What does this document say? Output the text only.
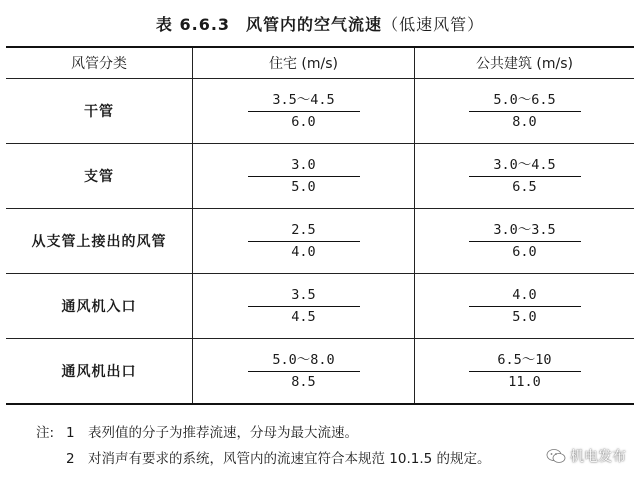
表 6.6.3 风管内的空气流速（低速风管）
风管分类	住宅 (m/s)	公共建筑 (m/s)
干管	$\frac{3.5\sim 4.5}{6.0}$	$\frac{5.0\sim 6.5}{8.0}$

支管	$\frac{3.0}{5.0}$	$\frac{3.0\sim 4.5}{6.5}$

从支管上接出的风管	$\frac{2.5}{4.0}$	$\frac{3.0\sim 3.5}{6.0}$

通风机入口	$\frac{3.5}{4.5}$	$\frac{4.0}{5.0}$

通风机出口	$\frac{5.0\sim 8.0}{8.5}$	$\frac{6.5\sim 10}{11.0}$
注: 1 表列值的分子为推荐流速，分母为最大流速。
2 对消声有要求的系统，风管内的流速宜符合本规范 10.1.5 的规定。	机电发布
